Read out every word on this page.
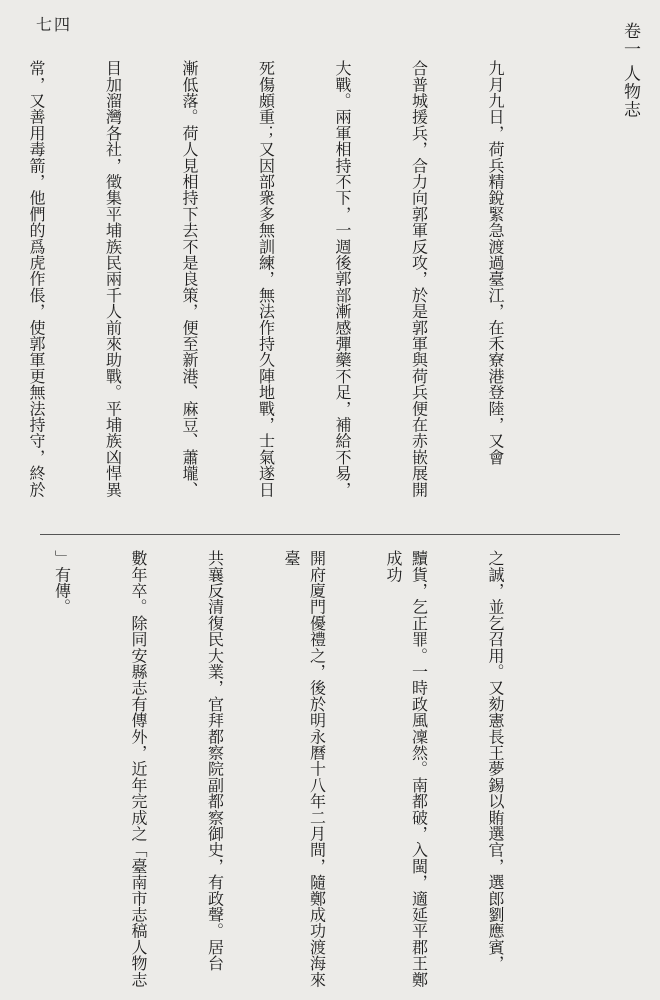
卷一 人物志
七四

九月九日，荷兵精銳緊急渡過臺江，在禾寮港登陸，又會

合普城援兵，合力向郭軍反攻，於是郭軍與荷兵便在赤嵌展開

大戰。兩軍相持不下，一週後郭部漸感彈藥不足，補給不易，

死傷頗重；又因部衆多無訓練，無法作持久陣地戰，士氣遂日

漸低落。荷人見相持下去不是良策，便至新港、麻豆、蕭壠、

目加溜灣各社，徵集平埔族民兩千人前來助戰。平埔族凶悍異

常，又善用毒箭，他們的爲虎作倀，使郭軍更無法持守，終於

之誠，並乞召用。又劾憲長王夢錫以賄選官，選郎劉應賓，

黷貨，乞正罪。一時政風凜然。南都破，入閩，適延平郡王鄭成功

開府廈門優禮之，後於明永曆十八年二月間，隨鄭成功渡海來臺

共襄反清復民大業，官拜都察院副都察御史，有政聲。居台

數年卒。除同安縣志有傳外，近年完成之「臺南市志稿人物志

」有傳。
